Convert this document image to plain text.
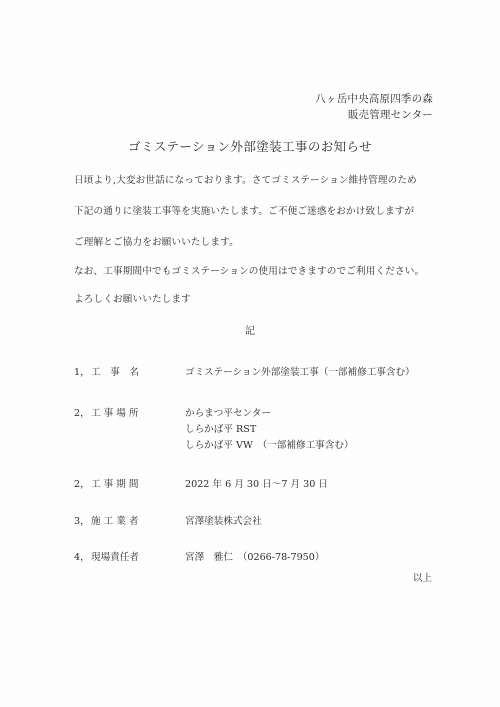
八ヶ岳中央高原四季の森
販売管理センター
ゴミステーション外部塗装工事のお知らせ
日頃より,大変お世話になっております。さてゴミステーション維持管理のため
下記の通りに塗装工事等を実施いたします。ご不便ご迷惑をおかけ致しますが
ご理解とご協力をお願いいたします。
なお、工事期間中でもゴミステーションの使用はできますのでご利用ください。
よろしくお願いいたします
記
1， 工　事　名	ゴミステーション外部塗装工事（一部補修工事含む）
2， 工 事 場 所	からまつ平センター
しらかば平 RST
しらかば平 VW　（一部補修工事含む）
2， 工 事 期 間	2022 年 6 月 30 日～7 月 30 日
3， 施 工 業 者	宮澤塗装株式会社
4， 現場責任者	宮澤　雅仁　（0266-78-7950）
以上
